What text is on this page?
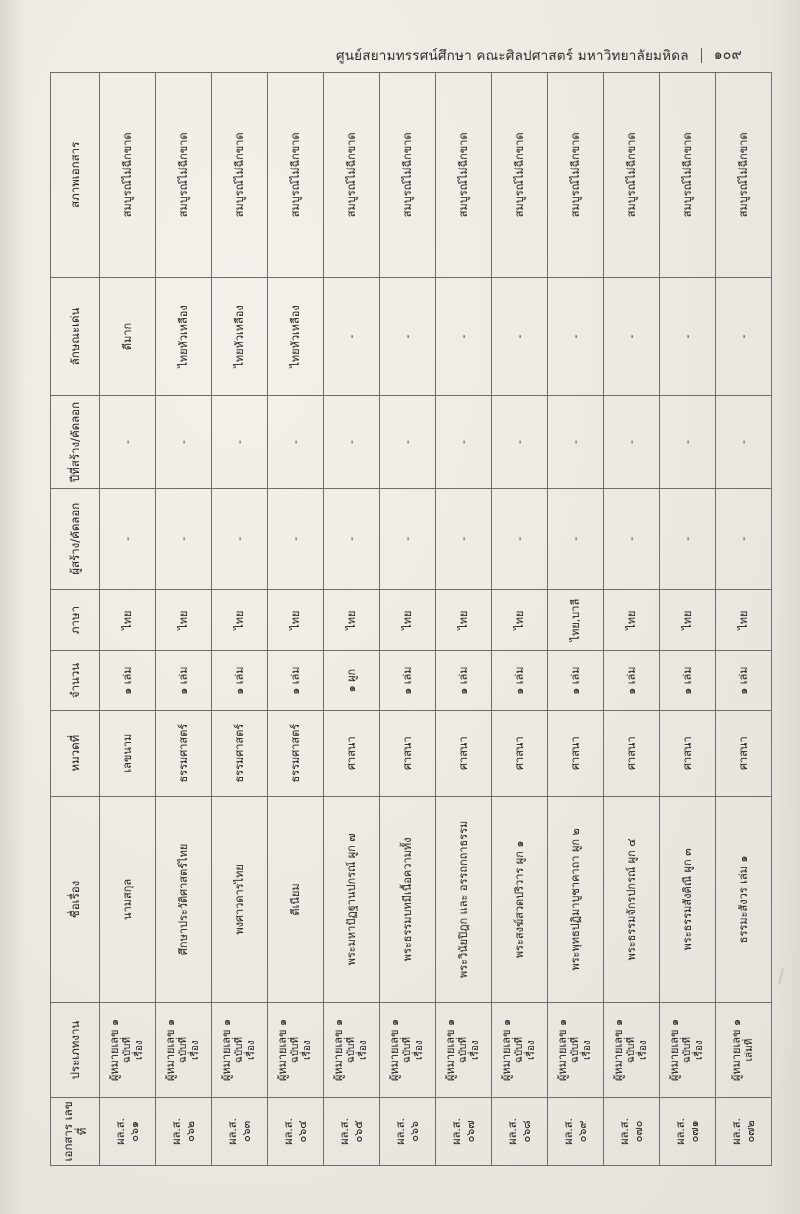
ศูนย์สยามทรรศน์ศึกษา คณะศิลปศาสตร์ มหาวิทยาลัยมหิดล ๑๐๙
เอกสาร เลขที่	ประเภทงาน	ชื่อเรื่อง	หมวดที่	จำนวน	ภาษา	ผู้สร้าง/คัดลอก	ปีที่สร้าง/คัดลอก	ลักษณะเด่น	สภาพเอกสาร

ผล.ส. ๐๖๑	ผู้หมายเลข ๑ ฉบับที่ เรื่อง	นามสกุล	เลขนาม	๑ เล่ม	ไทย	-	-	ดีมาก	สมบูรณ์ไม่ฉีกขาด

ผล.ส. ๐๖๒	ผู้หมายเลข ๑ ฉบับที่ เรื่อง	ศึกษาประวัติศาสตร์ไทย	ธรรมศาสตร์	๑ เล่ม	ไทย	-	-	ไทยหัวเหลือง	สมบูรณ์ไม่ฉีกขาด

ผล.ส. ๐๖๓	ผู้หมายเลข ๑ ฉบับที่ เรื่อง	พงศาวดารไทย	ธรรมศาสตร์	๑ เล่ม	ไทย	-	-	ไทยหัวเหลือง	สมบูรณ์ไม่ฉีกขาด

ผล.ส. ๐๖๔	ผู้หมายเลข ๑ ฉบับที่ เรื่อง	ดีเนียม	ธรรมศาสตร์	๑ เล่ม	ไทย	-	-	ไทยหัวเหลือง	สมบูรณ์ไม่ฉีกขาด

ผล.ส. ๐๖๕	ผู้หมายเลข ๑ ฉบับที่ เรื่อง	พระมหาปัฏฐานปกรณ์ ผูก ๗	ศาสนา	๑ ผูก	ไทย	-	-	-	สมบูรณ์ไม่ฉีกขาด

ผล.ส. ๐๖๖	ผู้หมายเลข ๑ ฉบับที่ เรื่อง	พระธรรมบทมีเนื้อความทั้ง	ศาสนา	๑ เล่ม	ไทย	-	-	-	สมบูรณ์ไม่ฉีกขาด

ผล.ส. ๐๖๗	ผู้หมายเลข ๑ ฉบับที่ เรื่อง	พระวินัยปิฎก และ อรรถกถาธรรม	ศาสนา	๑ เล่ม	ไทย	-	-	-	สมบูรณ์ไม่ฉีกขาด

ผล.ส. ๐๖๘	ผู้หมายเลข ๑ ฉบับที่ เรื่อง	พระสงฆ์สวดปริวาร ผูก ๑	ศาสนา	๑ เล่ม	ไทย	-	-	-	สมบูรณ์ไม่ฉีกขาด

ผล.ส. ๐๖๙	ผู้หมายเลข ๑ ฉบับที่ เรื่อง	พระพุทธปฏิมาบูชาคาถา ผูก ๒	ศาสนา	๑ เล่ม	ไทย,บาลี	-	-	-	สมบูรณ์ไม่ฉีกขาด

ผล.ส. ๐๗๐	ผู้หมายเลข ๑ ฉบับที่ เรื่อง	พระธรรมจักรปกรณ์ ผูก ๔	ศาสนา	๑ เล่ม	ไทย	-	-	-	สมบูรณ์ไม่ฉีกขาด

ผล.ส. ๐๗๑	ผู้หมายเลข ๑ ฉบับที่ เรื่อง	พระธรรมสังคิณี ผูก ๓	ศาสนา	๑ เล่ม	ไทย	-	-	-	สมบูรณ์ไม่ฉีกขาด

ผล.ส. ๐๗๒	ผู้หมายเลข ๑ เล่มที่	ธรรมะสังวร เล่ม ๑	ศาสนา	๑ เล่ม	ไทย	-	-	-	สมบูรณ์ไม่ฉีกขาด
